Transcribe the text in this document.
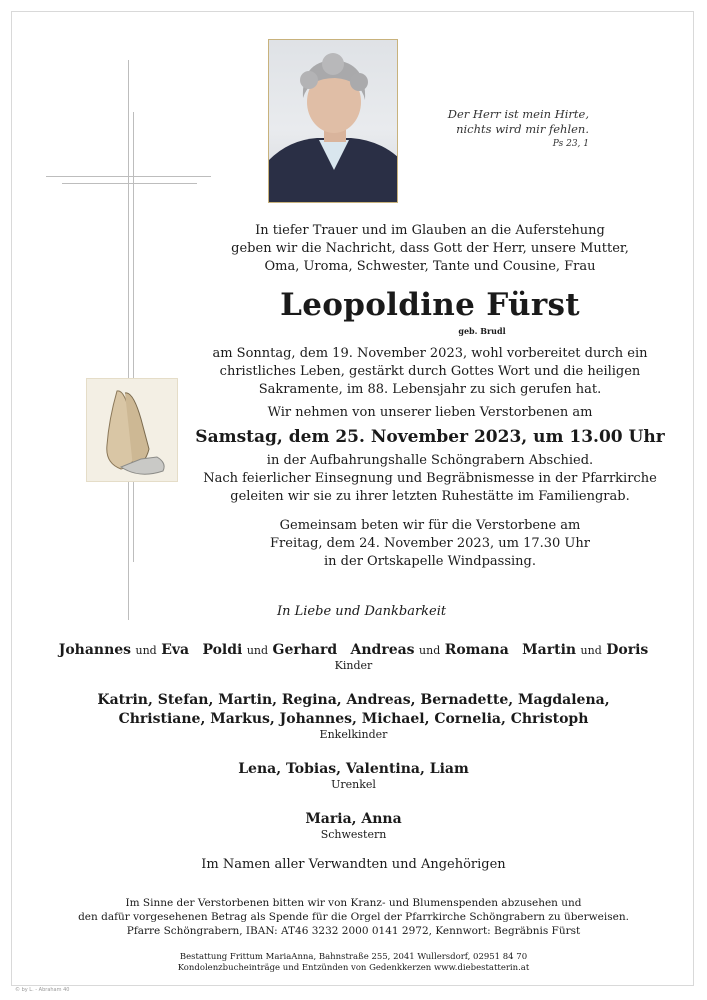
Der Herr ist mein Hirte,
nichts wird mir fehlen.
Ps 23, 1
In tiefer Trauer und im Glauben an die Auferstehung
geben wir die Nachricht, dass Gott der Herr, unsere Mutter,
Oma, Uroma, Schwester, Tante und Cousine, Frau
Leopoldine Fürst
geb. Brudl
am Sonntag, dem 19. November 2023, wohl vorbereitet durch ein
christliches Leben, gestärkt durch Gottes Wort und die heiligen
Sakramente, im 88. Lebensjahr zu sich gerufen hat.
Wir nehmen von unserer lieben Verstorbenen am
Samstag, dem 25. November 2023, um 13.00 Uhr
in der Aufbahrungshalle Schöngrabern Abschied.
Nach feierlicher Einsegnung und Begräbnismesse in der Pfarrkirche
geleiten wir sie zu ihrer letzten Ruhestätte im Familiengrab.
Gemeinsam beten wir für die Verstorbene am
Freitag, dem 24. November 2023, um 17.30 Uhr
in der Ortskapelle Windpassing.
In Liebe und Dankbarkeit
Johannes und Eva Poldi und Gerhard Andreas und Romana Martin und Doris
Kinder
Katrin, Stefan, Martin, Regina, Andreas, Bernadette, Magdalena,
Christiane, Markus, Johannes, Michael, Cornelia, Christoph
Enkelkinder
Lena, Tobias, Valentina, Liam
Urenkel
Maria, Anna
Schwestern
Im Namen aller Verwandten und Angehörigen
Im Sinne der Verstorbenen bitten wir von Kranz- und Blumenspenden abzusehen und
den dafür vorgesehenen Betrag als Spende für die Orgel der Pfarrkirche Schöngrabern zu überweisen.
Pfarre Schöngrabern, IBAN: AT46 3232 2000 0141 2972, Kennwort: Begräbnis Fürst
Bestattung Frittum MariaAnna, Bahnstraße 255, 2041 Wullersdorf, 02951 84 70
Kondolenzbucheinträge und Entzünden von Gedenkkerzen www.diebestatterin.at
© by L. - Abraham 40
